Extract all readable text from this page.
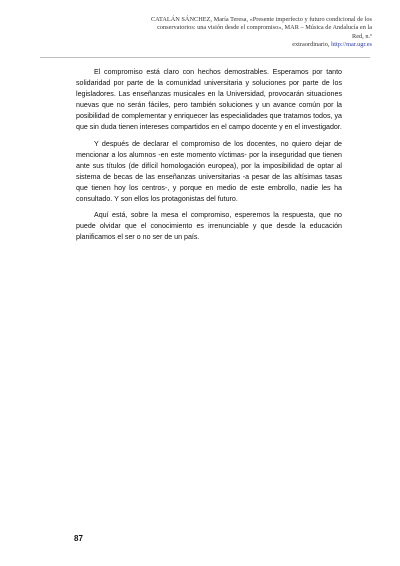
CATALÁN SÁNCHEZ, María Teresa, «Presente imperfecto y futuro condicional de los
conservatorios: una visión desde el compromiso», MAR – Música de Andalucía en la Red, n.º
extraordinario, http://mar.ugr.es

El compromiso está claro con hechos demostrables. Esperamos por tanto solidaridad por parte de la comunidad universitaria y soluciones por parte de los legisladores. Las enseñanzas musicales en la Universidad, provocarán situaciones nuevas que no serán fáciles, pero también soluciones y un avance común por la posibilidad de complementar y enriquecer las especialidades que tratamos todos, ya que sin duda tienen intereses compartidos en el campo docente y en el investigador.

Y después de declarar el compromiso de los docentes, no quiero dejar de mencionar a los alumnos -en este momento víctimas- por la inseguridad que tienen ante sus títulos (de difícil homologación europea), por la imposibilidad de optar al sistema de becas de las enseñanzas universitarias -a pesar de las altísimas tasas que tienen hoy los centros-, y porque en medio de este embrollo, nadie les ha consultado. Y son ellos los protagonistas del futuro.

Aquí está, sobre la mesa el compromiso, esperemos la respuesta, que no puede olvidar que el conocimiento es irrenunciable y que desde la educación planificamos el ser o no ser de un país.

87
